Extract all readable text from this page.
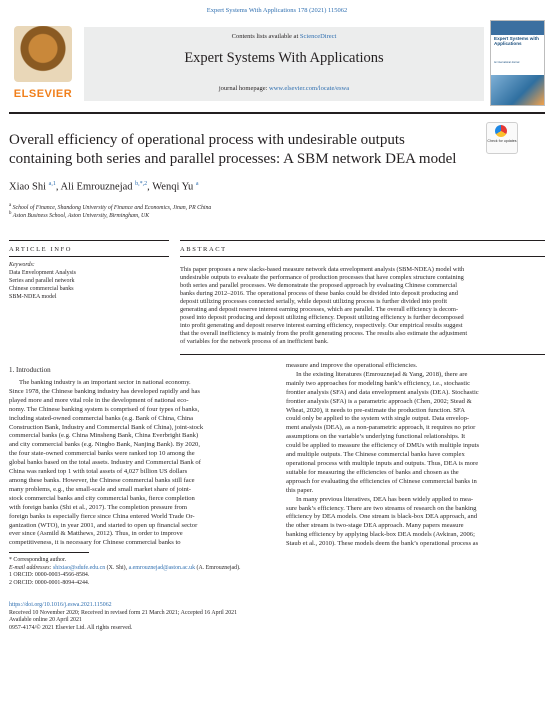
Expert Systems With Applications 178 (2021) 115062
ELSEVIER
Contents lists available at ScienceDirect
Expert Systems With Applications
journal homepage: www.elsevier.com/locate/eswa
Expert Systems with Applications
An International Journal
Overall efficiency of operational process with undesirable outputs
containing both series and parallel processes: A SBM network DEA model
Check for updates
Xiao Shi $^{a,1}$, Ali Emrouznejad $^{b,*,2}$, Wenqi Yu $^a$
$^a$ School of Finance, Shandong University of Finance and Economics, Jinan, PR China
$^b$ Aston Business School, Aston University, Birmingham, UK
ARTICLE INFO	ABSTRACT
Keywords:
Data Envelopment Analysis
Series and parallel network
Chinese commercial banks
SBM-NDEA model
This paper proposes a new slacks-based measure network data envelopment analysis (SBM-NDEA) model with
undesirable outputs to evaluate the performance of production processes that have complex structure containing
both series and parallel processes. We demonstrate the proposed approach by evaluating Chinese commercial
banks during 2012–2016. The operational process of these banks could be divided into deposit producing and
deposit utilizing processes connected serially, while deposit utilizing process is further divided into profit
generating and deposit reserve interest earning processes, which are parallel. The overall efficiency is decom-
posed into deposit producing and deposit utilizing efficiency. Deposit utilizing efficiency is further decomposed
into profit generating and deposit reserve interest earning efficiency, respectively. Our empirical results suggest
that the overall inefficiency is mainly from the profit generating process. The results also estimate the adjustment
of variables for the network process of an inefficient bank.
1. Introduction
The banking industry is an important sector in national economy.
Since 1978, the Chinese banking industry has developed rapidly and has
played more and more vital role in the development of national eco-
nomy. The Chinese banking system is comprised of four types of banks,
including stated-owned commercial banks (e.g. Bank of China, China
Construction Bank, Industry and Commercial Bank of China), joint-stock
commercial banks (e.g. China Minsheng Bank, China Everbright Bank)
and city commercial banks (e.g. Ningbo Bank, Nanjing Bank). By 2020,
the four state-owned commercial banks were ranked top 10 among the
global banks based on the total assets. Industry and Commercial Bank of
China was ranked top 1 with total assets of 4,027 billion US dollars
among these banks. However, the Chinese commercial banks still face
many problems, e.g., the small-scale and small market share of joint-
stock commercial banks and city commercial banks, fierce completion
with foreign banks (Shi et al., 2017). The completion pressure from
foreign banks is especially fierce since China entered World Trade Or-
ganization (WTO), in year 2001, and started to open up financial sector
ever since (Asmild & Matthews, 2012). Thus, in order to improve
competitiveness, it is necessary for Chinese commercial banks to
measure and improve the operational efficiencies.
In the existing literatures (Emrouznejad & Yang, 2018), there are
mainly two approaches for modeling bank’s efficiency, i.e., stochastic
frontier analysis (SFA) and data envelopment analysis (DEA). Stochastic
frontier analysis (SFA) is a parametric approach (Chen, 2002; Stead &
Wheat, 2020), it needs to pre-estimate the production function. SFA
could only be applied to the system with single output. Data envelop-
ment analysis (DEA), as a non-parametric approach, it requires no prior
assumptions on the variable’s underlying functional relationships. It
could be applied to measure the efficiency of DMUs with multiple inputs
and multiple outputs. The Chinese commercial banks have complex
operational process with multiple inputs and outputs. Thus, DEA is more
suitable for measuring the efficiencies of banks and chosen as the
approach for evaluating the efficiencies of Chinese commercial banks in
this paper.
In many previous literatives, DEA has been widely applied to mea-
sure bank’s efficiency. There are two streams of research on the banking
efficiency by DEA models. One stream is black-box DEA approach, and
the other stream is two-stage DEA approach. Many papers measure
banking efficiency by applying black-box DEA models (Avkiran, 2006;
Staub et al., 2010). These models deem the bank’s operational process as
* Corresponding author.
E-mail addresses: shixiao@sdufe.edu.cn (X. Shi), a.emrouznejad@aston.ac.uk (A. Emrouznejad).
1 ORCID: 0000-0003-4566-8584.
2 ORCID: 0000-0001-8094-4244.
https://doi.org/10.1016/j.eswa.2021.115062
Received 10 November 2020; Received in revised form 21 March 2021; Accepted 16 April 2021
Available online 20 April 2021
0957-4174/© 2021 Elsevier Ltd. All rights reserved.
